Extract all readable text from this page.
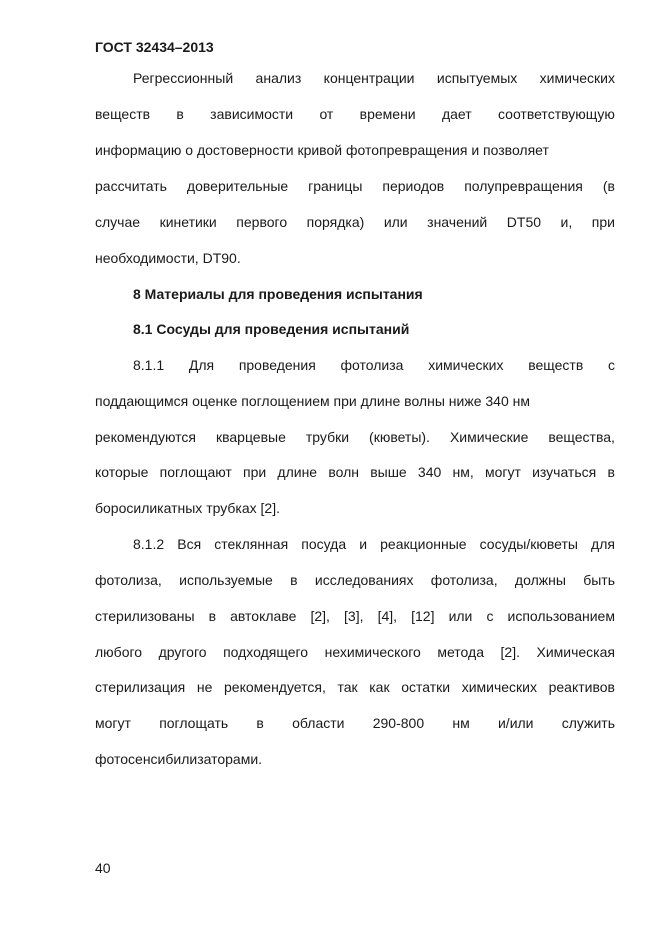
ГОСТ 32434–2013
Регрессионный анализ концентрации испытуемых химических
веществ в зависимости от времени дает соответствующую
информацию о достоверности кривой фотопревращения и позволяет
рассчитать доверительные границы периодов полупревращения (в
случае кинетики первого порядка) или значений DT50 и, при
необходимости, DT90.
8 Материалы для проведения испытания
8.1 Сосуды для проведения испытаний
8.1.1 Для проведения фотолиза химических веществ с
поддающимся оценке поглощением при длине волны ниже 340 нм
рекомендуются кварцевые трубки (кюветы). Химические вещества,
которые поглощают при длине волн выше 340 нм, могут изучаться в
боросиликатных трубках [2].
8.1.2 Вся стеклянная посуда и реакционные сосуды/кюветы для
фотолиза, используемые в исследованиях фотолиза, должны быть
стерилизованы в автоклаве [2], [3], [4], [12] или с использованием
любого другого подходящего нехимического метода [2]. Химическая
стерилизация не рекомендуется, так как остатки химических реактивов
могут поглощать в области 290-800 нм и/или служить
фотосенсибилизаторами.
40
